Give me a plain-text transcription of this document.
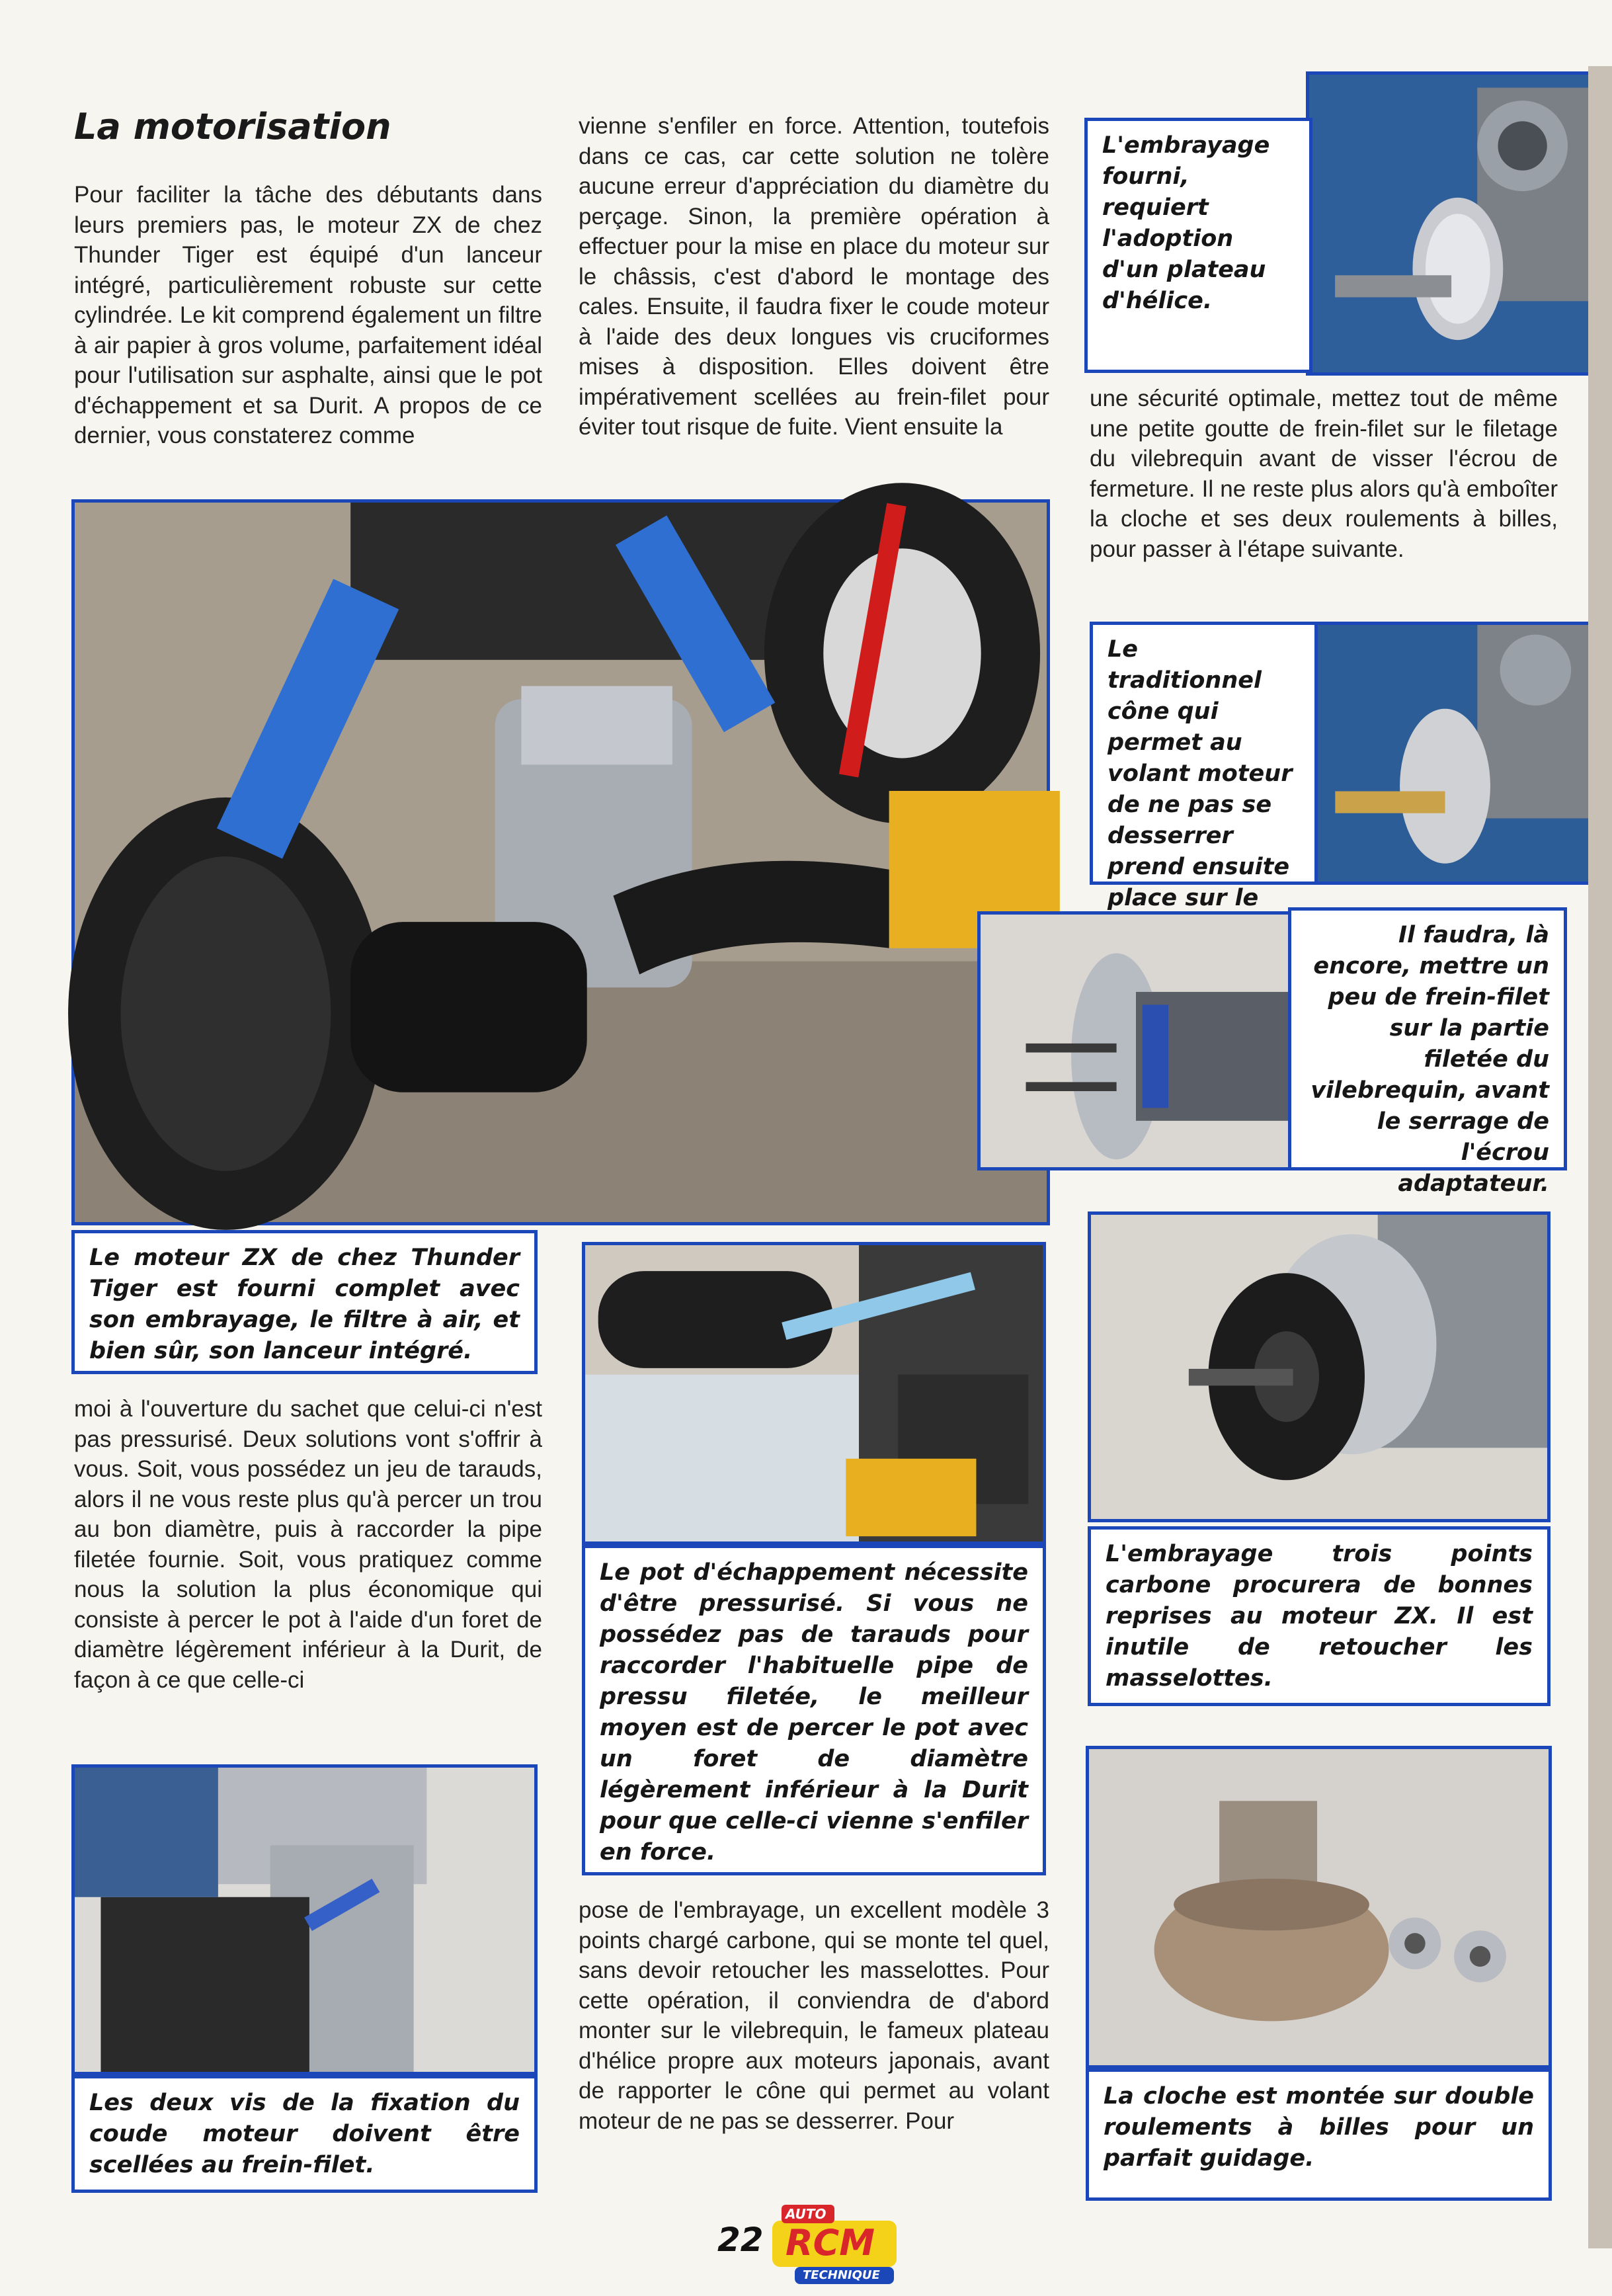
La motorisation

Pour faciliter la tâche des débutants dans leurs premiers pas, le moteur ZX de chez Thunder Tiger est équipé d'un lanceur intégré, particulièrement robuste sur cette cylindrée. Le kit comprend également un filtre à air papier à gros volume, parfaitement idéal pour l'utilisation sur asphalte, ainsi que le pot d'échappement et sa Durit. A propos de ce dernier, vous constaterez comme

vienne s'enfiler en force. Attention, toutefois dans ce cas, car cette solution ne tolère aucune erreur d'appréciation du diamètre du perçage. Sinon, la première opération à effectuer pour la mise en place du moteur sur le châssis, c'est d'abord le montage des cales. Ensuite, il faudra fixer le coude moteur à l'aide des deux longues vis cruciformes mises à disposition. Elles doivent être impérativement scellées au frein-filet pour éviter tout risque de fuite. Vient ensuite la

L'embrayage fourni, requiert l'adoption d'un plateau d'hélice.

une sécurité optimale, mettez tout de même une petite goutte de frein-filet sur le filetage du vilebrequin avant de visser l'écrou de fermeture. Il ne reste plus alors qu'à emboîter la cloche et ses deux roulements à billes, pour passer à l'étape suivante.

Le traditionnel cône qui permet au volant moteur de ne pas se desserrer prend ensuite place sur le
Il faudra, là encore, mettre un peu de frein-filet sur la partie filetée du vilebrequin, avant le serrage de l'écrou adaptateur.
Le moteur ZX de chez Thunder Tiger est fourni complet avec son embrayage, le filtre à air, et bien sûr, son lanceur intégré.

moi à l'ouverture du sachet que celui-ci n'est pas pressurisé. Deux solutions vont s'offrir à vous. Soit, vous possédez un jeu de tarauds, alors il ne vous reste plus qu'à percer un trou au bon diamètre, puis à raccorder la pipe filetée fournie. Soit, vous pratiquez comme nous la solution la plus économique qui consiste à percer le pot à l'aide d'un foret de diamètre légèrement inférieur à la Durit, de façon à ce que celle-ci

Le pot d'échappement nécessite d'être pressurisé. Si vous ne possédez pas de tarauds pour raccorder l'habituelle pipe de pressu filetée, le meilleur moyen est de percer le pot avec un foret de diamètre légèrement inférieur à la Durit pour que celle-ci vienne s'enfiler en force.
L'embrayage trois points carbone procurera de bonnes reprises au moteur ZX. Il est inutile de retoucher les masselottes.
Les deux vis de la fixation du coude moteur doivent être scellées au frein-filet.

pose de l'embrayage, un excellent modèle 3 points chargé carbone, qui se monte tel quel, sans devoir retoucher les masselottes. Pour cette opération, il conviendra de d'abord monter sur le vilebrequin, le fameux plateau d'hélice propre aux moteurs japonais, avant de rapporter le cône qui permet au volant moteur de ne pas se desserrer. Pour

La cloche est montée sur double roulements à billes pour un parfait guidage.
22
AUTO
RCM
TECHNIQUE
